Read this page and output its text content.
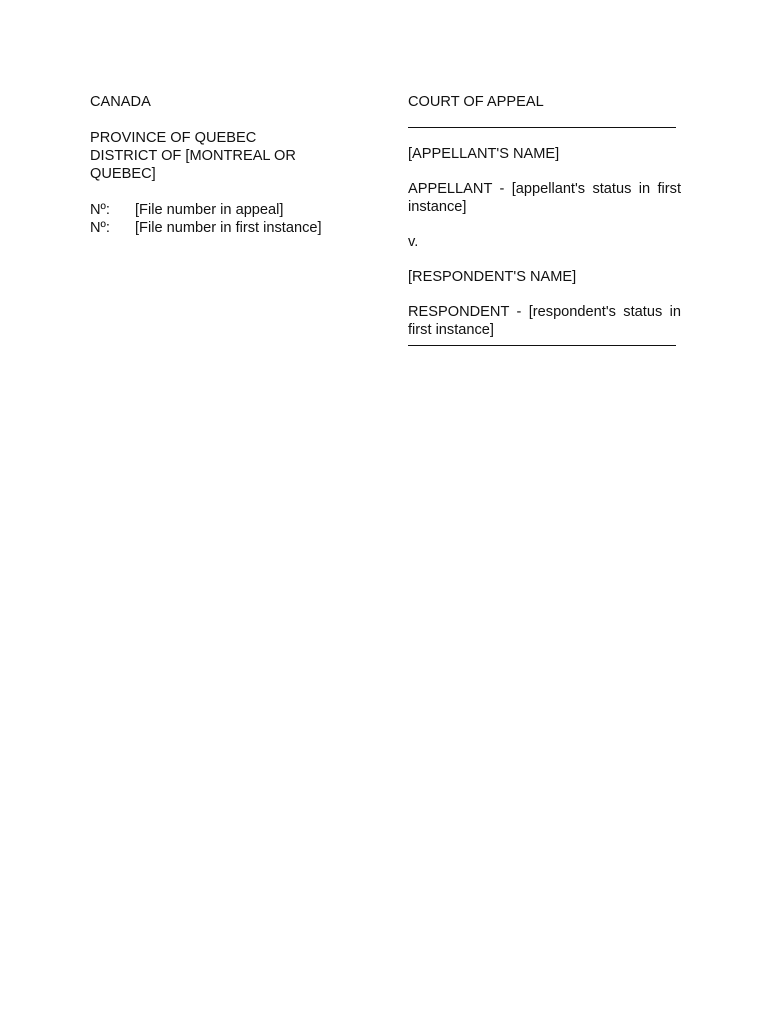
CANADA
PROVINCE OF QUEBEC
DISTRICT OF [MONTREAL OR QUEBEC]
Nº:	[File number in appeal]
Nº:	[File number in first instance]
COURT OF APPEAL
[APPELLANT'S NAME]
APPELLANT - [appellant's status in first instance]
v.
[RESPONDENT'S NAME]
RESPONDENT - [respondent's status in first instance]
